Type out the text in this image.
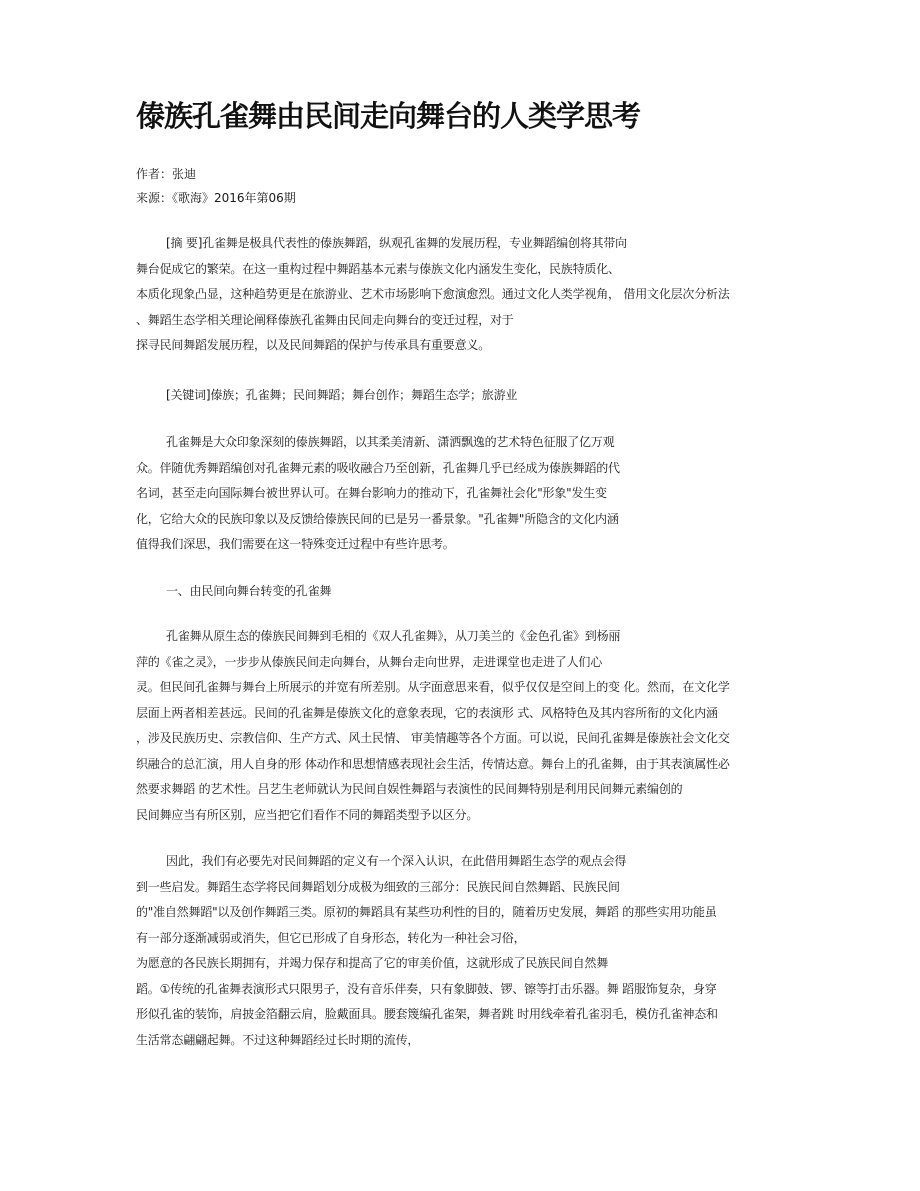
傣族孔雀舞由民间走向舞台的人类学思考

作者：张迪

来源：《歌海》2016年第06期

[摘 要]孔雀舞是极具代表性的傣族舞蹈，纵观孔雀舞的发展历程，专业舞蹈编创将其带向
舞台促成它的繁荣。在这一重构过程中舞蹈基本元素与傣族文化内涵发生变化，民族特质化、
本质化现象凸显，这种趋势更是在旅游业、艺术市场影响下愈演愈烈。通过文化人类学视角， 借用文化层次分析法
、舞蹈生态学相关理论阐释傣族孔雀舞由民间走向舞台的变迁过程，对于
探寻民间舞蹈发展历程，以及民间舞蹈的保护与传承具有重要意义。
[关键词]傣族；孔雀舞；民间舞蹈；舞台创作；舞蹈生态学；旅游业
孔雀舞是大众印象深刻的傣族舞蹈，以其柔美清新、潇洒飘逸的艺术特色征服了亿万观
众。伴随优秀舞蹈编创对孔雀舞元素的吸收融合乃至创新，孔雀舞几乎已经成为傣族舞蹈的代
名词，甚至走向国际舞台被世界认可。在舞台影响力的推动下，孔雀舞社会化"形象"发生变
化，它给大众的民族印象以及反馈给傣族民间的已是另一番景象。"孔雀舞"所隐含的文化内涵
值得我们深思，我们需要在这一特殊变迁过程中有些许思考。
一、由民间向舞台转变的孔雀舞
孔雀舞从原生态的傣族民间舞到毛相的《双人孔雀舞》，从刀美兰的《金色孔雀》到杨丽
萍的《雀之灵》，一步步从傣族民间走向舞台，从舞台走向世界，走进课堂也走进了人们心
灵。但民间孔雀舞与舞台上所展示的并宽有所差别。从字面意思来看，似乎仅仅是空间上的变 化。然而，在文化学
层面上两者相差甚远。民间的孔雀舞是傣族文化的意象表现，它的表演形 式、风格特色及其内容所衔的文化内涵
，涉及民族历史、宗教信仰、生产方式、风土民情、 审美情趣等各个方面。可以说，民间孔雀舞是傣族社会文化交
织融合的总汇演，用人自身的形 体动作和思想情感表现社会生活，传情达意。舞台上的孔雀舞，由于其表演属性必
然要求舞蹈 的艺术性。吕艺生老师就认为民间自娱性舞蹈与表演性的民间舞特别是利用民间舞元素编创的
民间舞应当有所区别，应当把它们看作不同的舞蹈类型予以区分。
因此，我们有必要先对民间舞蹈的定义有一个深入认识，在此借用舞蹈生态学的观点会得
到一些启发。舞蹈生态学将民间舞蹈划分成极为细致的三部分：民族民间自然舞蹈、民族民间
的"准自然舞蹈"以及创作舞蹈三类。原初的舞蹈具有某些功利性的目的，随着历史发展，舞蹈 的那些实用功能虽
有一部分逐渐减弱或消失，但它已形成了自身形态，转化为一种社会习俗，
为愿意的各民族长期拥有，并竭力保存和提高了它的审美价值，这就形成了民族民间自然舞
蹈。①传统的孔雀舞表演形式只限男子，没有音乐伴奏，只有象脚鼓、锣、镲等打击乐器。舞 蹈服饰复杂，身穿
形似孔雀的装饰，肩披金箔翻云肩，脸戴面具。腰套篾编孔雀架，舞者跳 时用线牵着孔雀羽毛，模仿孔雀神态和
生活常态翩翩起舞。不过这种舞蹈经过长时期的流传，
